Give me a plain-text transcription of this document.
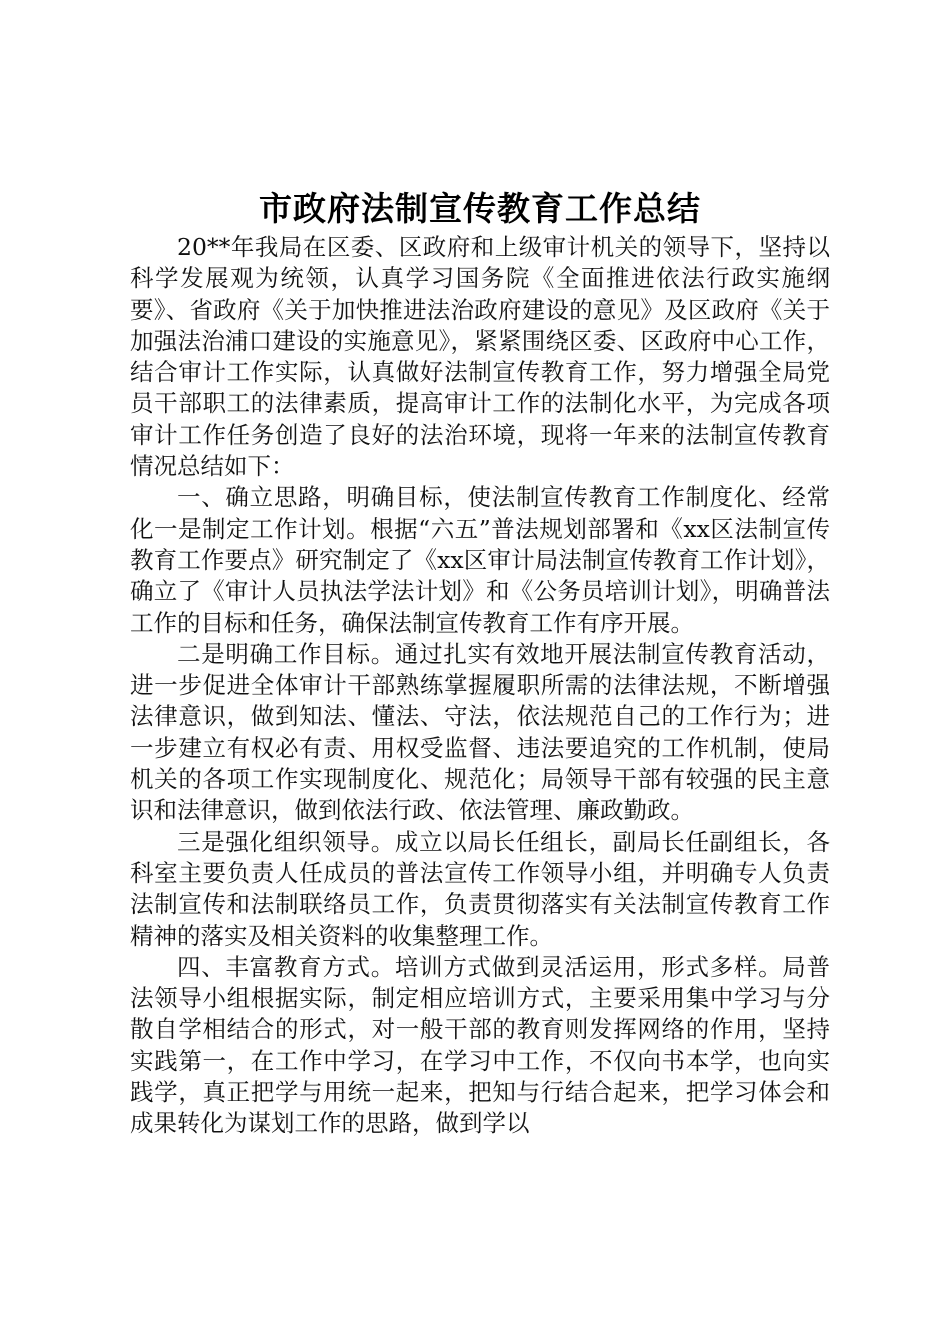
市政府法制宣传教育工作总结

20**年我局在区委、区政府和上级审计机关的领导下，坚持以科学发展观为统领，认真学习国务院《全面推进依法行政实施纲要》、省政府《关于加快推进法治政府建设的意见》及区政府《关于加强法治浦口建设的实施意见》，紧紧围绕区委、区政府中心工作，结合审计工作实际，认真做好法制宣传教育工作，努力增强全局党员干部职工的法律素质，提高审计工作的法制化水平，为完成各项审计工作任务创造了良好的法治环境，现将一年来的法制宣传教育情况总结如下：

一、确立思路，明确目标，使法制宣传教育工作制度化、经常化一是制定工作计划。根据“六五”普法规划部署和《xx区法制宣传教育工作要点》研究制定了《xx区审计局法制宣传教育工作计划》，确立了《审计人员执法学法计划》和《公务员培训计划》，明确普法工作的目标和任务，确保法制宣传教育工作有序开展。

二是明确工作目标。通过扎实有效地开展法制宣传教育活动，进一步促进全体审计干部熟练掌握履职所需的法律法规，不断增强法律意识，做到知法、懂法、守法，依法规范自己的工作行为；进一步建立有权必有责、用权受监督、违法要追究的工作机制，使局机关的各项工作实现制度化、规范化；局领导干部有较强的民主意识和法律意识，做到依法行政、依法管理、廉政勤政。

三是强化组织领导。成立以局长任组长，副局长任副组长，各科室主要负责人任成员的普法宣传工作领导小组，并明确专人负责法制宣传和法制联络员工作，负责贯彻落实有关法制宣传教育工作精神的落实及相关资料的收集整理工作。

四、丰富教育方式。培训方式做到灵活运用，形式多样。局普法领导小组根据实际，制定相应培训方式，主要采用集中学习与分散自学相结合的形式，对一般干部的教育则发挥网络的作用，坚持实践第一，在工作中学习，在学习中工作，不仅向书本学，也向实践学，真正把学与用统一起来，把知与行结合起来，把学习体会和成果转化为谋划工作的思路，做到学以
